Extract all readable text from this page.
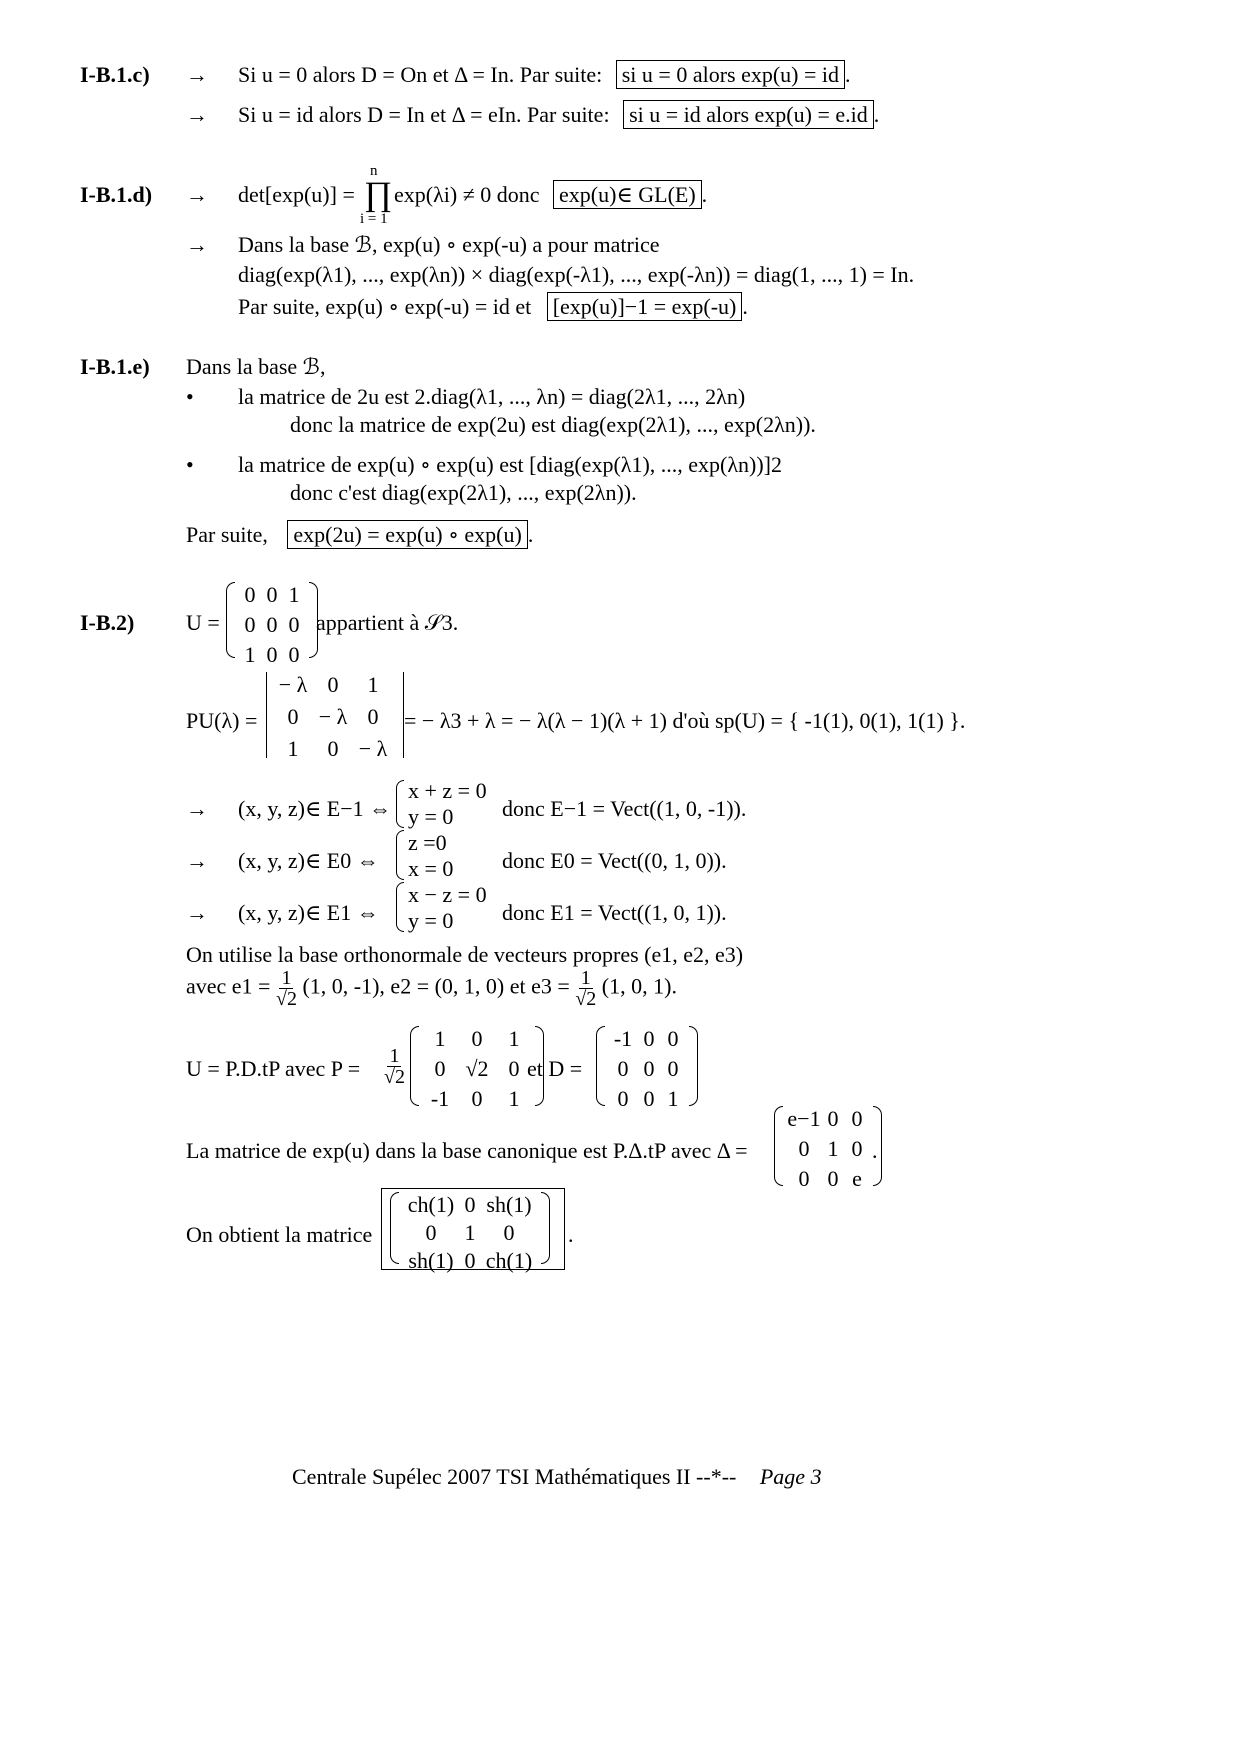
I-B.1.c) → Si u = 0 alors D = On et Δ = In. Par suite: si u = 0 alors exp(u) = id .
→ Si u = id alors D = In et Δ = eIn. Par suite: si u = id alors exp(u) = e.id .
I-B.1.d) → det[exp(u)] =
n
∏
i = 1
exp(λi) ≠ 0 donc exp(u)∈ GL(E) .
→ Dans la base ℬ, exp(u) ∘ exp(-u) a pour matrice
diag(exp(λ1), ..., exp(λn)) × diag(exp(-λ1), ..., exp(-λn)) = diag(1, ..., 1) = In.
Par suite, exp(u) ∘ exp(-u) = id et [exp(u)]−1 = exp(-u) .
I-B.1.e) Dans la base ℬ,
• la matrice de 2u est 2.diag(λ1, ..., λn) = diag(2λ1, ..., 2λn)
donc la matrice de exp(2u) est diag(exp(2λ1), ..., exp(2λn)).
• la matrice de exp(u) ∘ exp(u) est [diag(exp(λ1), ..., exp(λn))]2
donc c'est diag(exp(2λ1), ..., exp(2λn)).
Par suite, exp(2u) = exp(u) ∘ exp(u) .
I-B.2) U =
0 0 1
0 0 0
1 0 0
appartient à 𝒮3.
PU(λ) =
− λ 0	1
0 − λ 0
1	0 − λ
= − λ3 + λ = − λ(λ − 1)(λ + 1) d'où sp(U) = { -1(1), 0(1), 1(1) }.
→ (x, y, z)∈ E−1 ⇔
x + z = 0
y = 0 donc E−1 = Vect((1, 0, -1)).
→ (x, y, z)∈ E0 ⇔
z =0
x = 0 donc E0 = Vect((0, 1, 0)).
→ (x, y, z)∈ E1 ⇔
x − z = 0
y = 0 donc E1 = Vect((1, 0, 1)).
On utilise la base orthonormale de vecteurs propres (e1, e2, e3)
avec $e1 = \frac{1}{√2} (1$, 0, -1), e2 = (0, 1, 0) et $e3 = \frac{1}{√2} (1$, 0, 1).
U = P.D.tP avec $P = \frac{1}{√2}$
1	0	1
0 √2 0
-1	0	1
et D =
-1 0 0
0 0 0
0 0 1
La matrice de exp(u) dans la base canonique est P.Δ.tP avec Δ =
e−1 0 0
0 1 0
0 0 e
.
On obtient la matrice
ch(1) 0 sh(1)
0	1	0
sh(1) 0 ch(1)
.
Centrale Supélec 2007 TSI Mathématiques II --*-- Page 3
